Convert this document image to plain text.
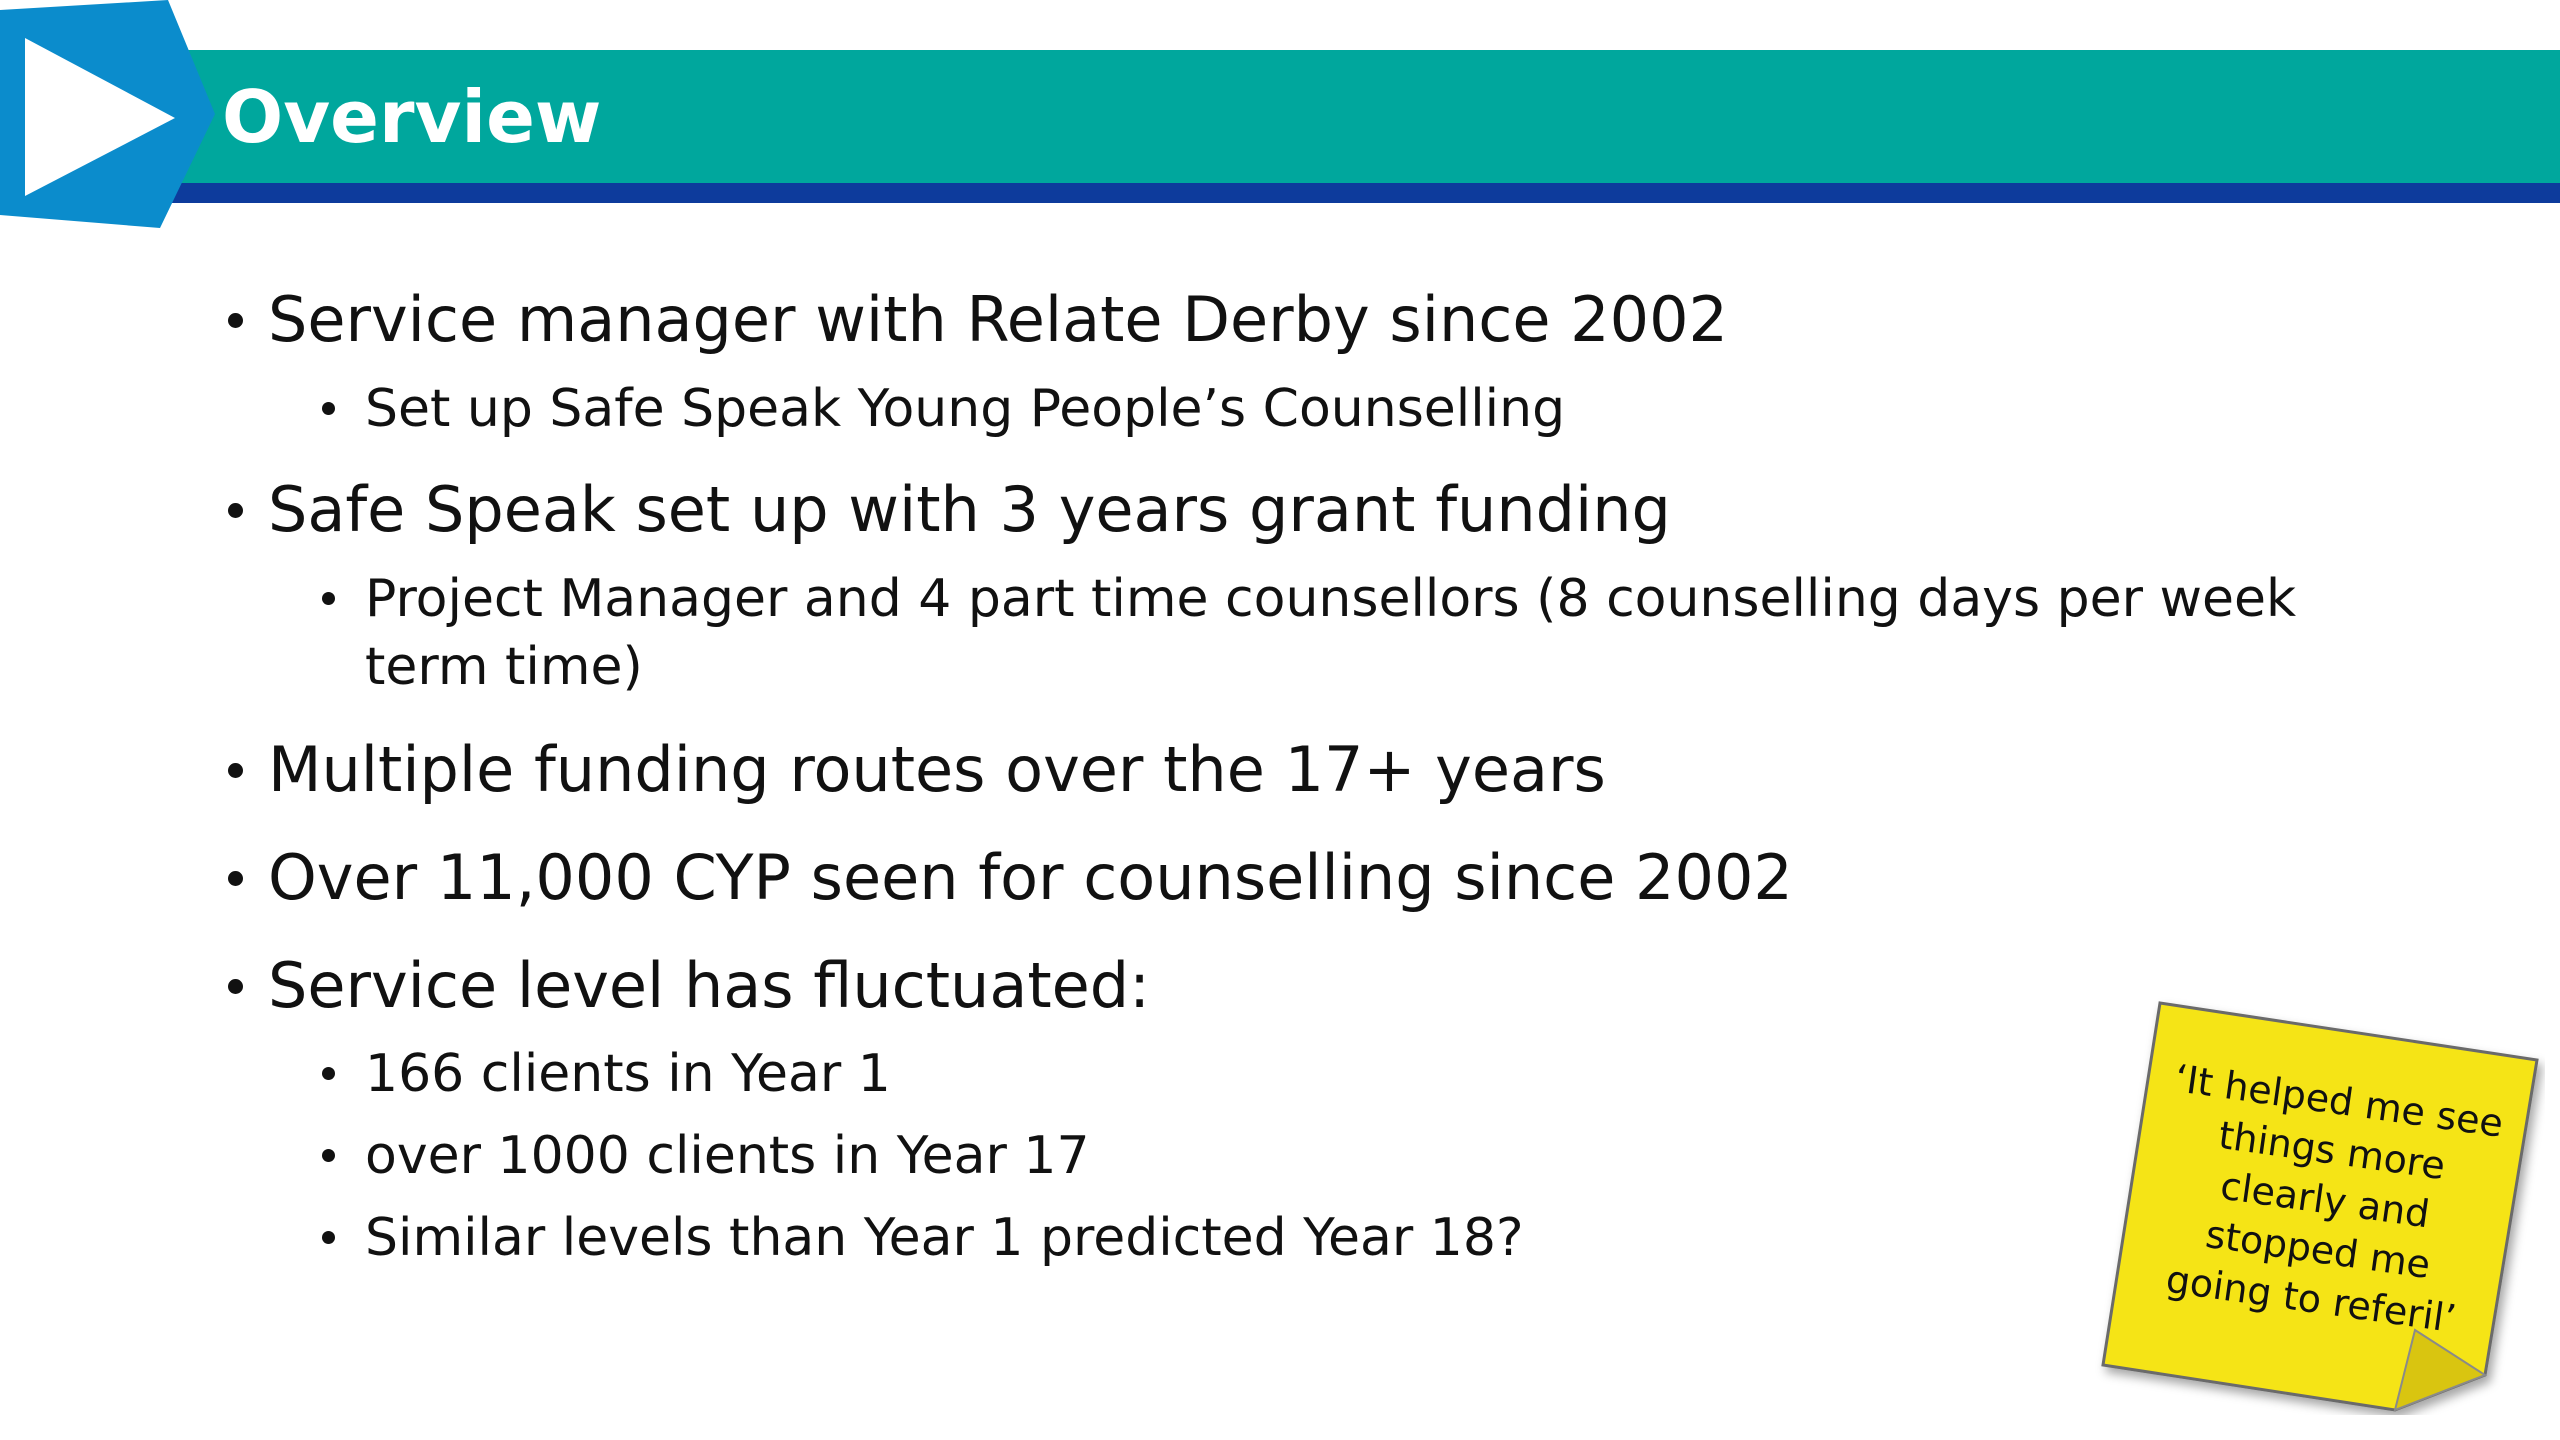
Overview
Service manager with Relate Derby since 2002
Set up Safe Speak Young People’s Counselling
Safe Speak set up with 3 years grant funding
Project Manager and 4 part time counsellors (8 counselling days per week term time)
Multiple funding routes over the 17+ years
Over 11,000 CYP seen for counselling since 2002
Service level has fluctuated:
166 clients in Year 1
over 1000 clients in Year 17
Similar levels than Year 1 predicted Year 18?
‘It helped me see things more clearly and stopped me going to referil’
